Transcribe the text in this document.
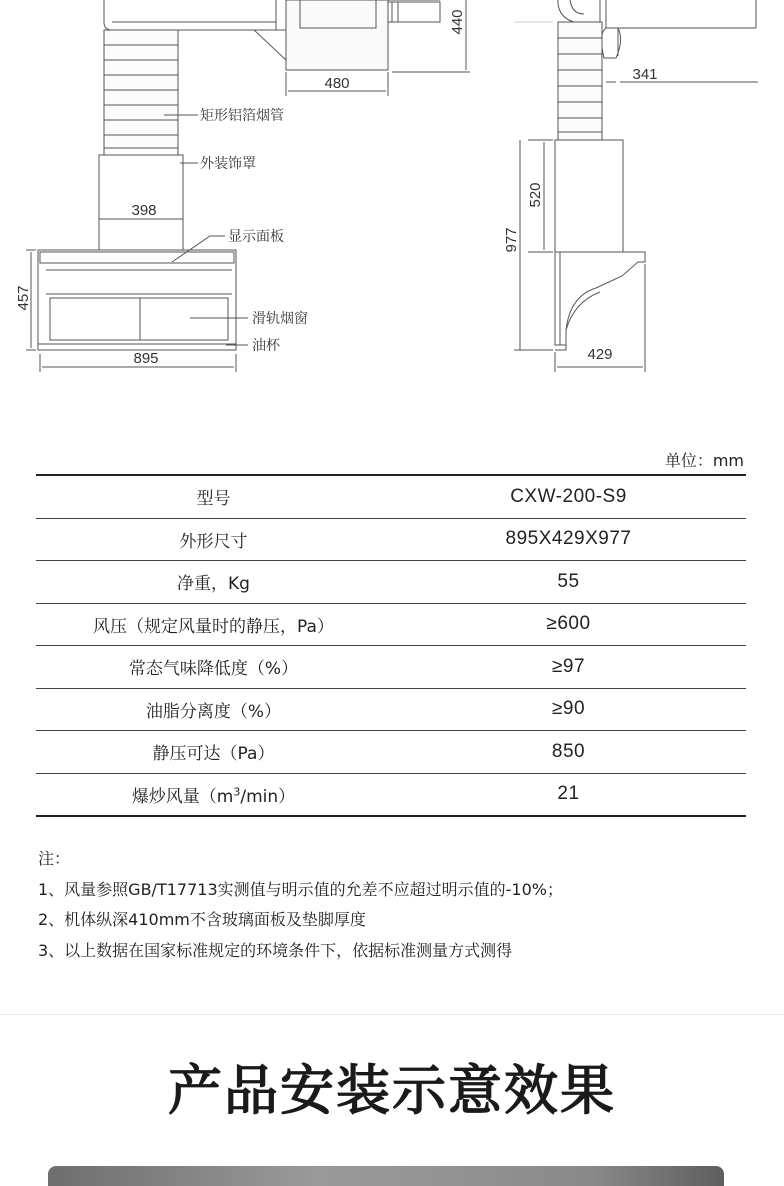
矩形铝箔烟管
外装饰罩
显示面板
滑轨烟窗
油杯
480
440
398
457
895
341
520
977
429
单位：mm
型号	CXW-200-S9
外形尺寸	895X429X977
净重，Kg	55
风压（规定风量时的静压，Pa）	≥600
常态气味降低度（%）	≥97
油脂分离度（%）	≥90
静压可达（Pa）	850
爆炒风量$(m^3/\min)$	21
注：
1、风量参照GB/T17713实测值与明示值的允差不应超过明示值的-10%；
2、机体纵深410mm不含玻璃面板及垫脚厚度
3、以上数据在国家标准规定的环境条件下，依据标准测量方式测得
产品安装示意效果
